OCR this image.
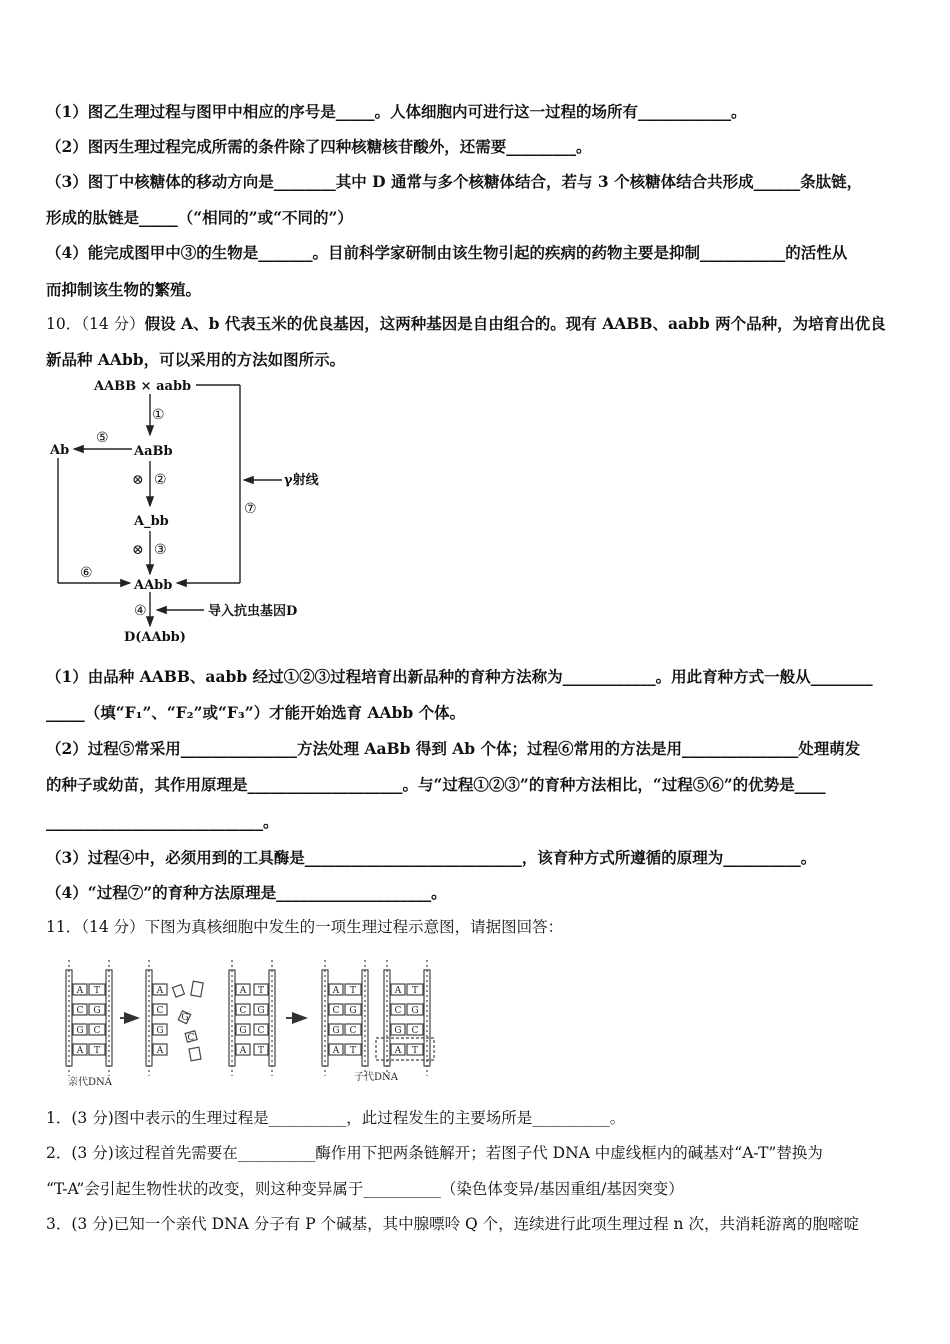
（1）图乙生理过程与图甲中相应的序号是_____。人体细胞内可进行这一过程的场所有____________。
（2）图丙生理过程完成所需的条件除了四种核糖核苷酸外，还需要_________。
（3）图丁中核糖体的移动方向是________其中 D 通常与多个核糖体结合，若与 3 个核糖体结合共形成______条肽链，
形成的肽链是_____（“相同的”或“不同的”）
（4）能完成图甲中③的生物是_______。目前科学家研制由该生物引起的疾病的药物主要是抑制___________的活性从
而抑制该生物的繁殖。
10．（14 分）假设 A、b 代表玉米的优良基因，这两种基因是自由组合的。现有 AABB、aabb 两个品种，为培育出优良
新品种 AAbb，可以采用的方法如图所示。
AABB × aabb
①
AaBb
⑤
Ab
⊗ ②
A_bb
⊗ ③
⑥
AAbb
⑦
γ射线
④	导入抗虫基因D
D(AAbb)
（1）由品种 AABB、aabb 经过①②③过程培育出新品种的育种方法称为____________。用此育种方式一般从________
_____（填“F₁”、“F₂”或“F₃”）才能开始选育 AAbb 个体。
（2）过程⑤常采用_______________方法处理 AaBb 得到 Ab 个体；过程⑥常用的方法是用_______________处理萌发
的种子或幼苗，其作用原理是____________________。与“过程①②③”的育种方法相比，“过程⑤⑥”的优势是____
____________________________。
（3）过程④中，必须用到的工具酶是____________________________，该育种方式所遵循的原理为__________。
（4）“过程⑦”的育种方法原理是____________________。
11．（14 分）下图为真核细胞中发生的一项生理过程示意图，请据图回答：
A T
C G
G C
A T
A
C
G
A
G
C
A T
C G
G C
A T
A T
C G
G C
A T
A T
C G
G C
A T
亲代DNA	子代DNA
1．(3 分)图中表示的生理过程是__________，此过程发生的主要场所是__________。
2．(3 分)该过程首先需要在__________酶作用下把两条链解开；若图子代 DNA 中虚线框内的碱基对“A-T”替换为
“T-A”会引起生物性状的改变，则这种变异属于__________（染色体变异/基因重组/基因突变）
3．(3 分)已知一个亲代 DNA 分子有 P 个碱基，其中腺嘌呤 Q 个，连续进行此项生理过程 n 次，共消耗游离的胞嘧啶
